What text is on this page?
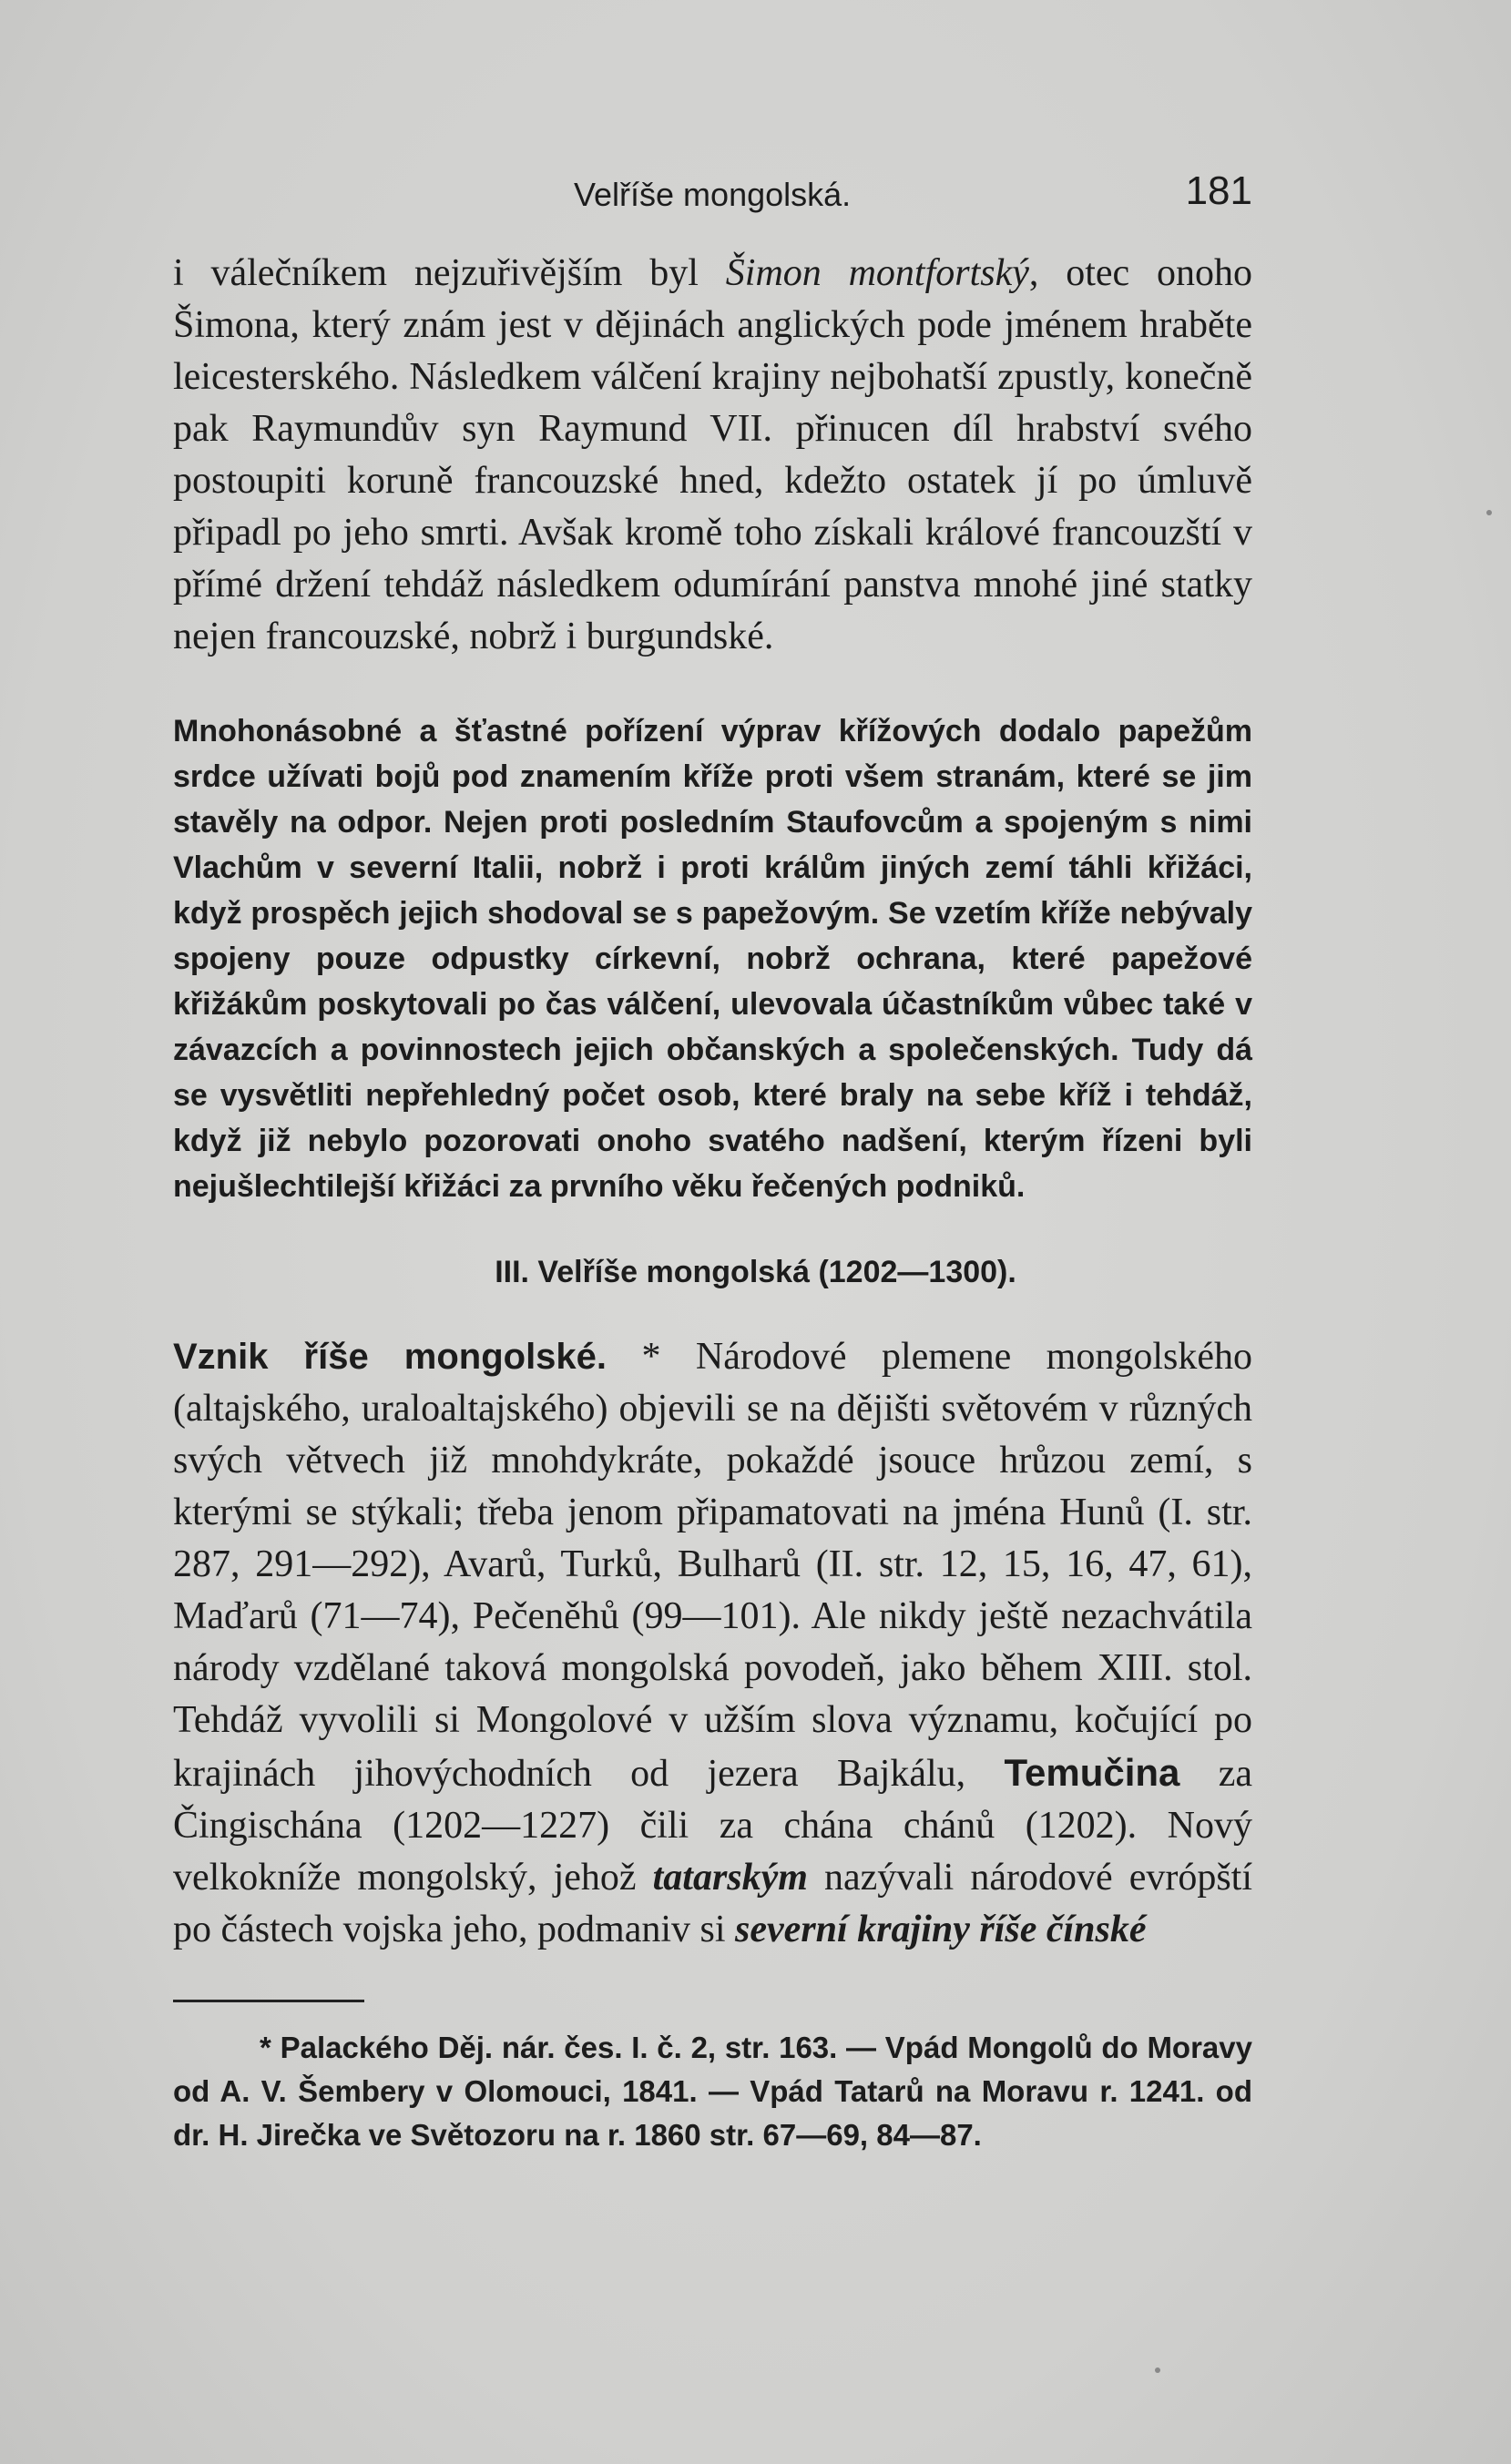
Velříše mongolská.	181

i válečníkem nejzuřivějším byl Šimon montfortský, otec onoho Šimona, který znám jest v dějinách anglických pode jménem hraběte leicesterského. Následkem válčení krajiny nejbohatší zpustly, konečně pak Raymundův syn Raymund VII. přinucen díl hrabství svého postoupiti koruně francouzské hned, kdežto ostatek jí po úmluvě připadl po jeho smrti. Avšak kromě toho získali králové francouzští v přímé držení tehdáž následkem odumírání panstva mnohé jiné statky nejen francouzské, nobrž i burgundské.

Mnohonásobné a šťastné pořízení výprav křížových dodalo papežům srdce užívati bojů pod znamením kříže proti všem stranám, které se jim stavěly na odpor. Nejen proti posledním Staufovcům a spojeným s nimi Vlachům v severní Italii, nobrž i proti králům jiných zemí táhli křižáci, když prospěch jejich shodoval se s papežovým. Se vzetím kříže nebývaly spojeny pouze odpustky církevní, nobrž ochrana, které papežové křižákům poskytovali po čas válčení, ulevovala účastníkům vůbec také v závazcích a povinnostech jejich občanských a společenských. Tudy dá se vysvětliti nepřehledný počet osob, které braly na sebe kříž i tehdáž, když již nebylo pozorovati onoho svatého nadšení, kterým řízeni byli nejušlechtilejší křižáci za prvního věku řečených podniků.

III. Velříše mongolská (1202—1300).

Vznik říše mongolské. * Národové plemene mongolského (altajského, uraloaltajského) objevili se na dějišti světovém v různých svých větvech již mnohdykráte, pokaždé jsouce hrůzou zemí, s kterými se stýkali; třeba jenom připamatovati na jména Hunů (I. str. 287, 291—292), Avarů, Turků, Bulharů (II. str. 12, 15, 16, 47, 61), Maďarů (71—74), Pečeněhů (99—101). Ale nikdy ještě nezachvátila národy vzdělané taková mongolská povodeň, jako během XIII. stol. Tehdáž vyvolili si Mongolové v užším slova významu, kočující po krajinách jihovýchodních od jezera Bajkálu, Temučina za Čingischána (1202—1227) čili za chána chánů (1202). Nový velkokníže mongolský, jehož tatarským nazývali národové evrópští po částech vojska jeho, podmaniv si severní krajiny říše čínské

* Palackého Děj. nár. čes. I. č. 2, str. 163. — Vpád Mongolů do Moravy od A. V. Šembery v Olomouci, 1841. — Vpád Tatarů na Moravu r. 1241. od dr. H. Jirečka ve Světozoru na r. 1860 str. 67—69, 84—87.
